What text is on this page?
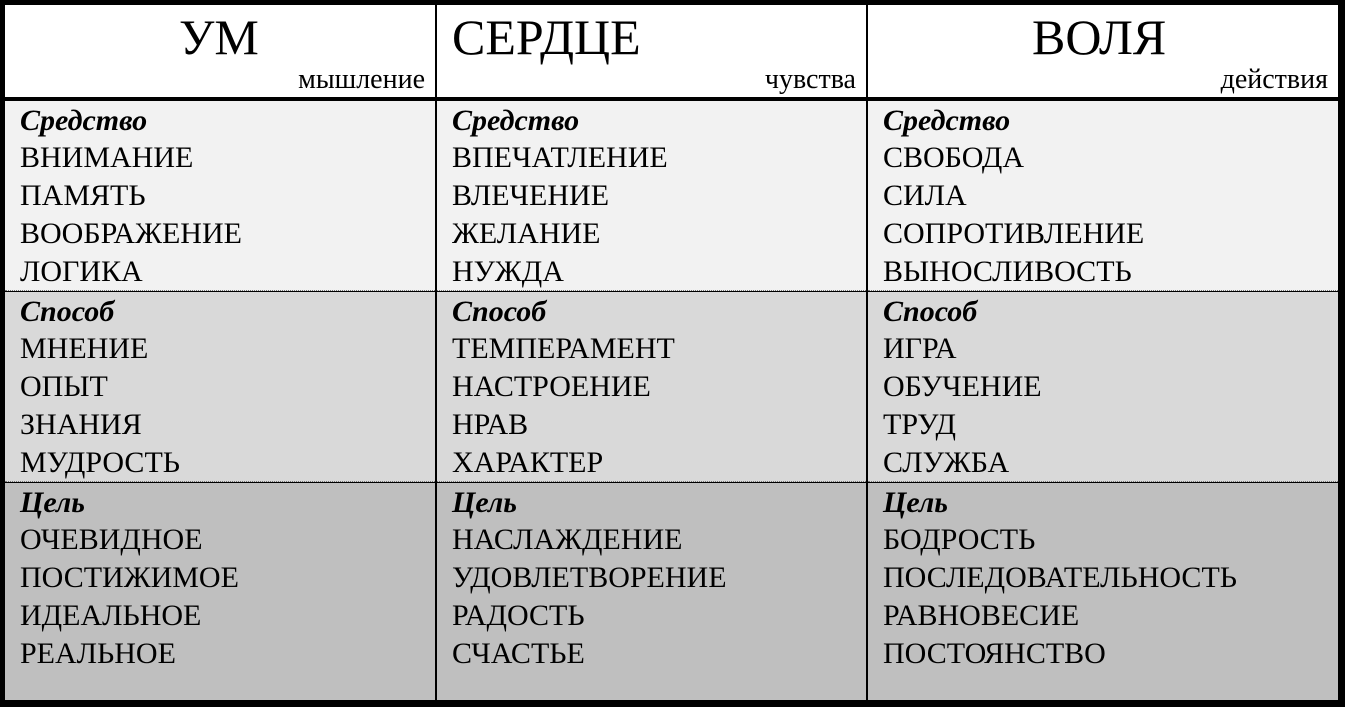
УМ
мышление
Средство
ВНИМАНИЕ
ПАМЯТЬ
ВООБРАЖЕНИЕ
ЛОГИКА
Способ
МНЕНИЕ
ОПЫТ
ЗНАНИЯ
МУДРОСТЬ
Цель
ОЧЕВИДНОЕ
ПОСТИЖИМОЕ
ИДЕАЛЬНОЕ
РЕАЛЬНОЕ
СЕРДЦЕ
чувства
Средство
ВПЕЧАТЛЕНИЕ
ВЛЕЧЕНИЕ
ЖЕЛАНИЕ
НУЖДА
Способ
ТЕМПЕРАМЕНТ
НАСТРОЕНИЕ
НРАВ
ХАРАКТЕР
Цель
НАСЛАЖДЕНИЕ
УДОВЛЕТВОРЕНИЕ
РАДОСТЬ
СЧАСТЬЕ
ВОЛЯ
действия
Средство
СВОБОДА
СИЛА
СОПРОТИВЛЕНИЕ
ВЫНОСЛИВОСТЬ
Способ
ИГРА
ОБУЧЕНИЕ
ТРУД
СЛУЖБА
Цель
БОДРОСТЬ
ПОСЛЕДОВАТЕЛЬНОСТЬ
РАВНОВЕСИЕ
ПОСТОЯНСТВО
